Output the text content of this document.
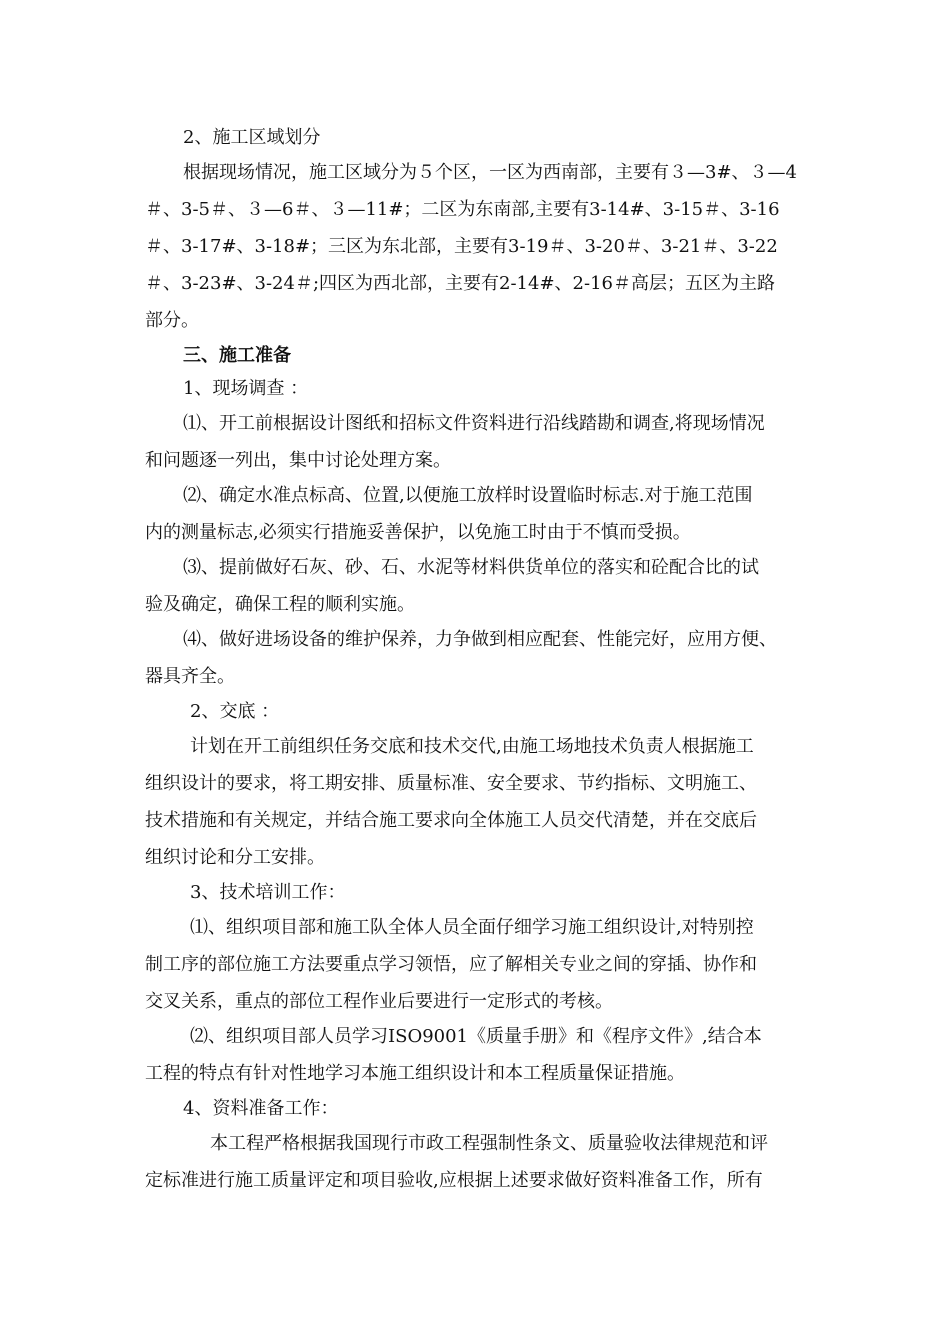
2、施工区域划分
根据现场情况，施工区域分为５个区，一区为西南部，主要有３—3#、３—4
＃、3-5＃、３—6＃、３—11#；二区为东南部,主要有3-14#、3-15＃、3-16
＃、3-17#、3-18#；三区为东北部，主要有3-19＃、3-20＃、3-21＃、3-22
＃、3-23#、3-24＃;四区为西北部，主要有2-14#、2-16＃高层；五区为主路
部分。
三、施工准备
1、现场调查 ：
⑴、开工前根据设计图纸和招标文件资料进行沿线踏勘和调查,将现场情况
和问题逐一列出，集中讨论处理方案。
⑵、确定水准点标高、位置,以便施工放样时设置临时标志.对于施工范围
内的测量标志,必须实行措施妥善保护，以免施工时由于不慎而受损。
⑶、提前做好石灰、砂、石、水泥等材料供货单位的落实和砼配合比的试
验及确定，确保工程的顺利实施。
⑷、做好进场设备的维护保养，力争做到相应配套、性能完好，应用方便、
器具齐全。
2、交底 ：
计划在开工前组织任务交底和技术交代,由施工场地技术负责人根据施工
组织设计的要求，将工期安排、质量标准、安全要求、节约指标、文明施工、
技术措施和有关规定，并结合施工要求向全体施工人员交代清楚，并在交底后
组织讨论和分工安排。
3、技术培训工作：
⑴、组织项目部和施工队全体人员全面仔细学习施工组织设计,对特别控
制工序的部位施工方法要重点学习领悟，应了解相关专业之间的穿插、协作和
交叉关系，重点的部位工程作业后要进行一定形式的考核。
⑵、组织项目部人员学习ISO9001《质量手册》和《程序文件》,结合本
工程的特点有针对性地学习本施工组织设计和本工程质量保证措施。
4、资料准备工作：
本工程严格根据我国现行市政工程强制性条文、质量验收法律规范和评
定标准进行施工质量评定和项目验收,应根据上述要求做好资料准备工作，所有
